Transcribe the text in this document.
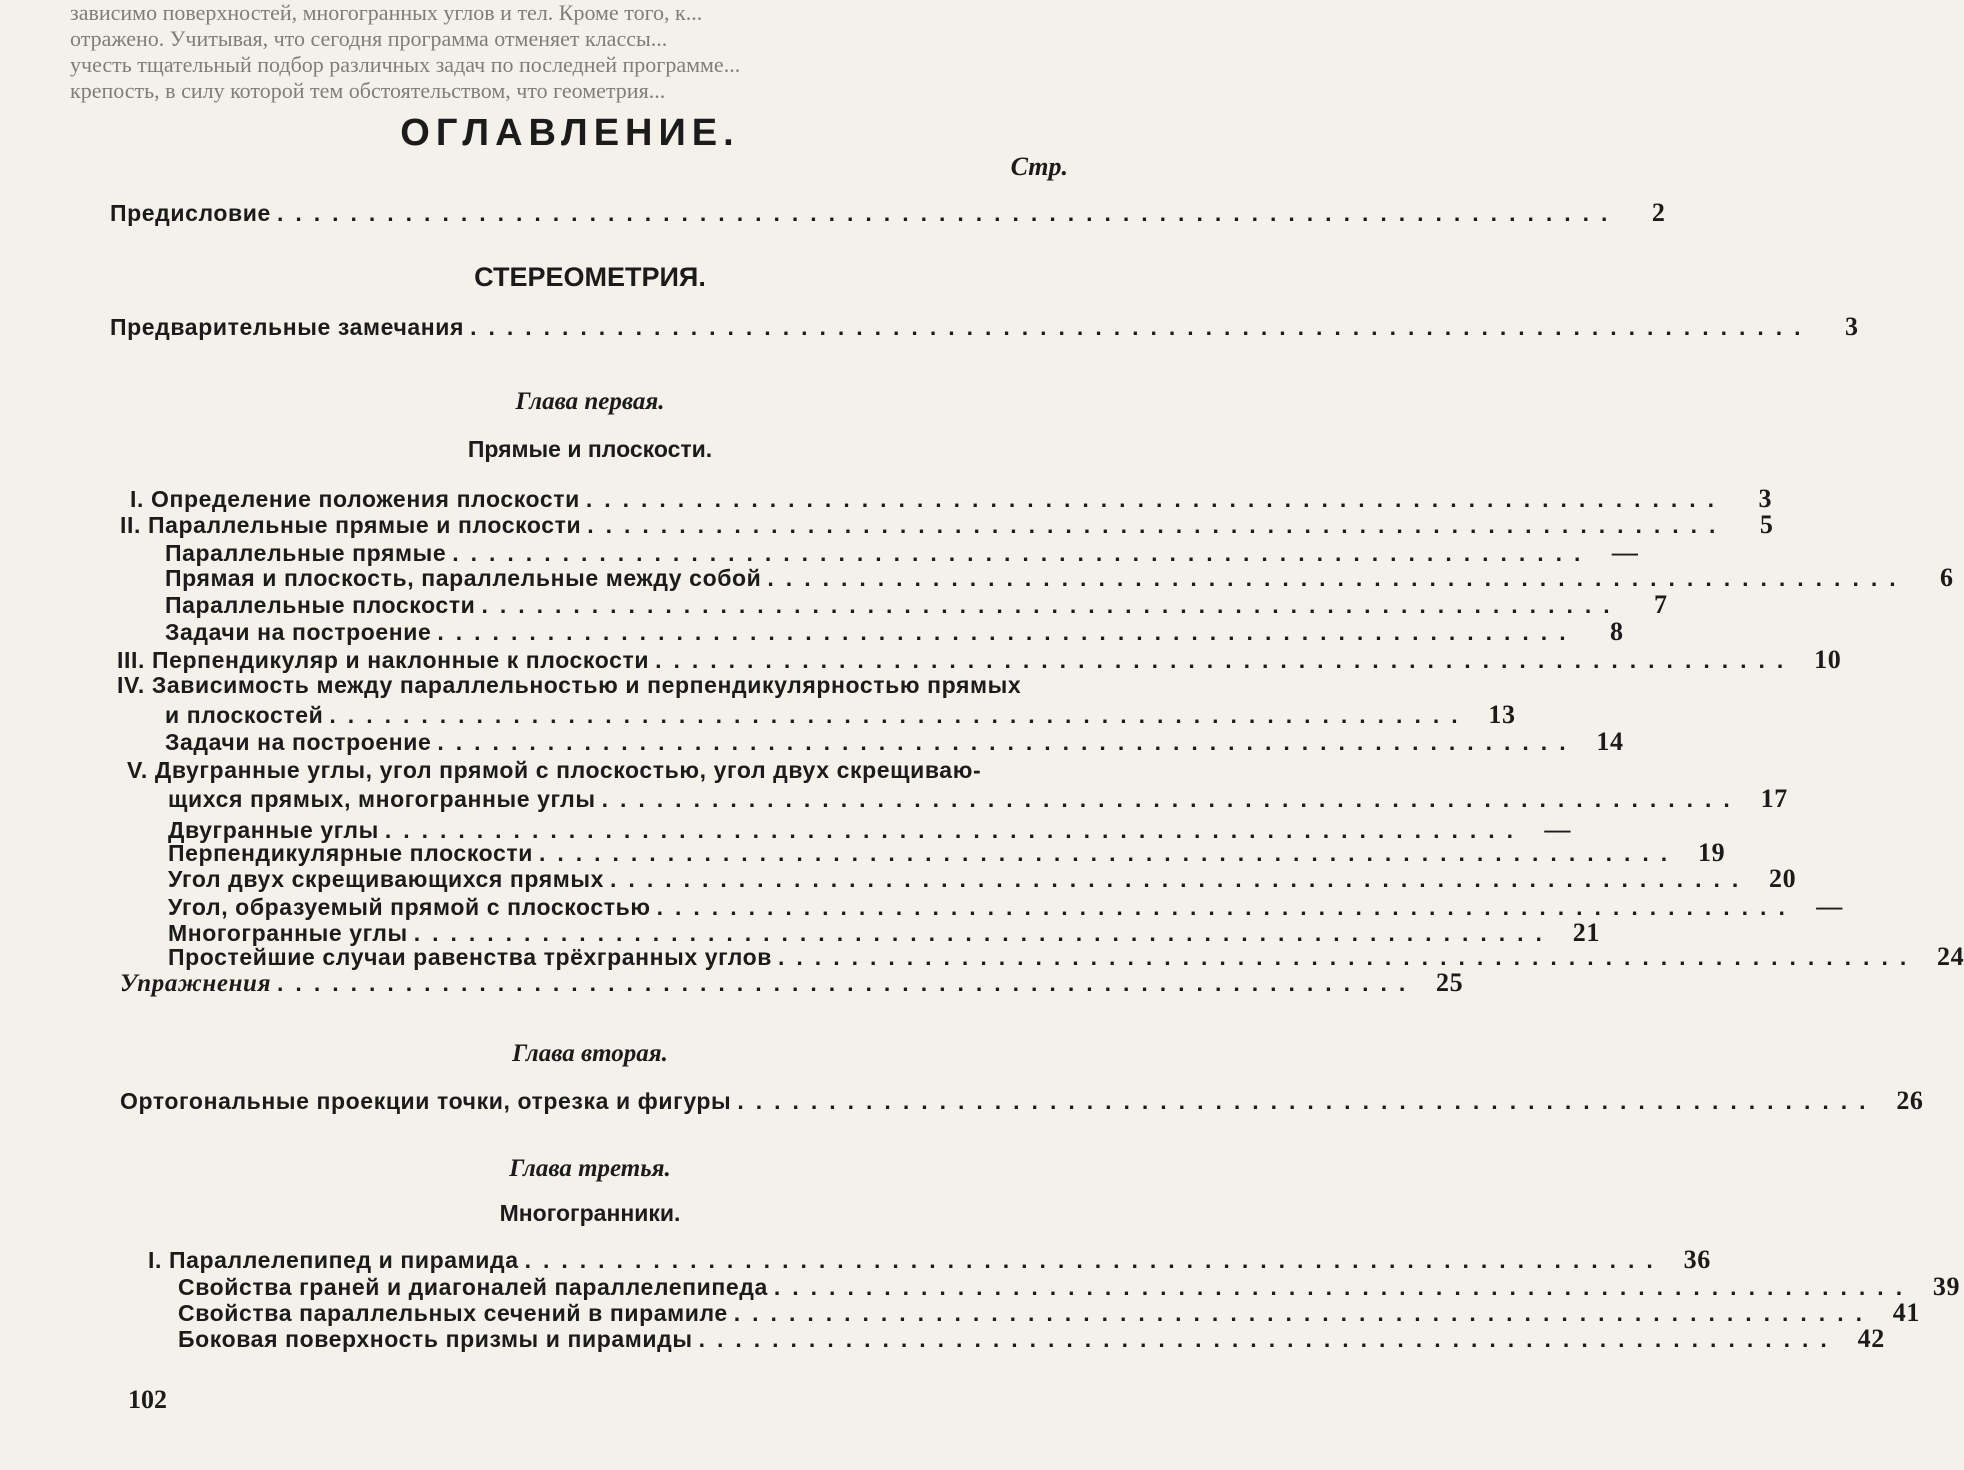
зависимо поверхностей, многогранных углов и тел. Кроме того, к...
отражено. Учитывая, что сегодня программа отменяет классы...
учесть тщательный подбор различных задач по последней программе...
крепость, в силу которой тем обстоятельством, что геометрия...
ОГЛАВЛЕНИЕ.
Стр.
Предисловие .........................................................................	2
СТЕРЕОМЕТРИЯ.
Предварительные замечания .........................................................................	3
Глава первая.
Прямые и плоскости.
I. Определение положения плоскости ..............................................................	3
II. Параллельные прямые и плоскости ..............................................................	5
Параллельные прямые .............................................................. —
Прямая и плоскость, параллельные между собой ..............................................................	6
Параллельные плоскости ..............................................................	7
Задачи на построение ..............................................................	8
III. Перпендикуляр и наклонные к плоскости .............................................................. 10
IV. Зависимость между параллельностью и перпендикулярностью прямых
и плоскостей .............................................................. 13
Задачи на построение .............................................................. 14
V. Двугранные углы, угол прямой с плоскостью, угол двух скрещиваю-
щихся прямых, многогранные углы .............................................................. 17
Двугранные углы .............................................................. —
Перпендикулярные плоскости .............................................................. 19
Угол двух скрещивающихся прямых .............................................................. 20
Угол, образуемый прямой с плоскостью .............................................................. —
Многогранные углы .............................................................. 21
Простейшие случаи равенства трёхгранных углов .............................................................. 24
Упражнения .............................................................. 25
Глава вторая.
Ортогональные проекции точки, отрезка и фигуры .............................................................. 26
Глава третья.
Многогранники.
I. Параллелепипед и пирамида .............................................................. 36
Свойства граней и диагоналей параллелепипеда .............................................................. 39
Свойства параллельных сечений в пирамиле .............................................................. 41
Боковая поверхность призмы и пирамиды .............................................................. 42
102
